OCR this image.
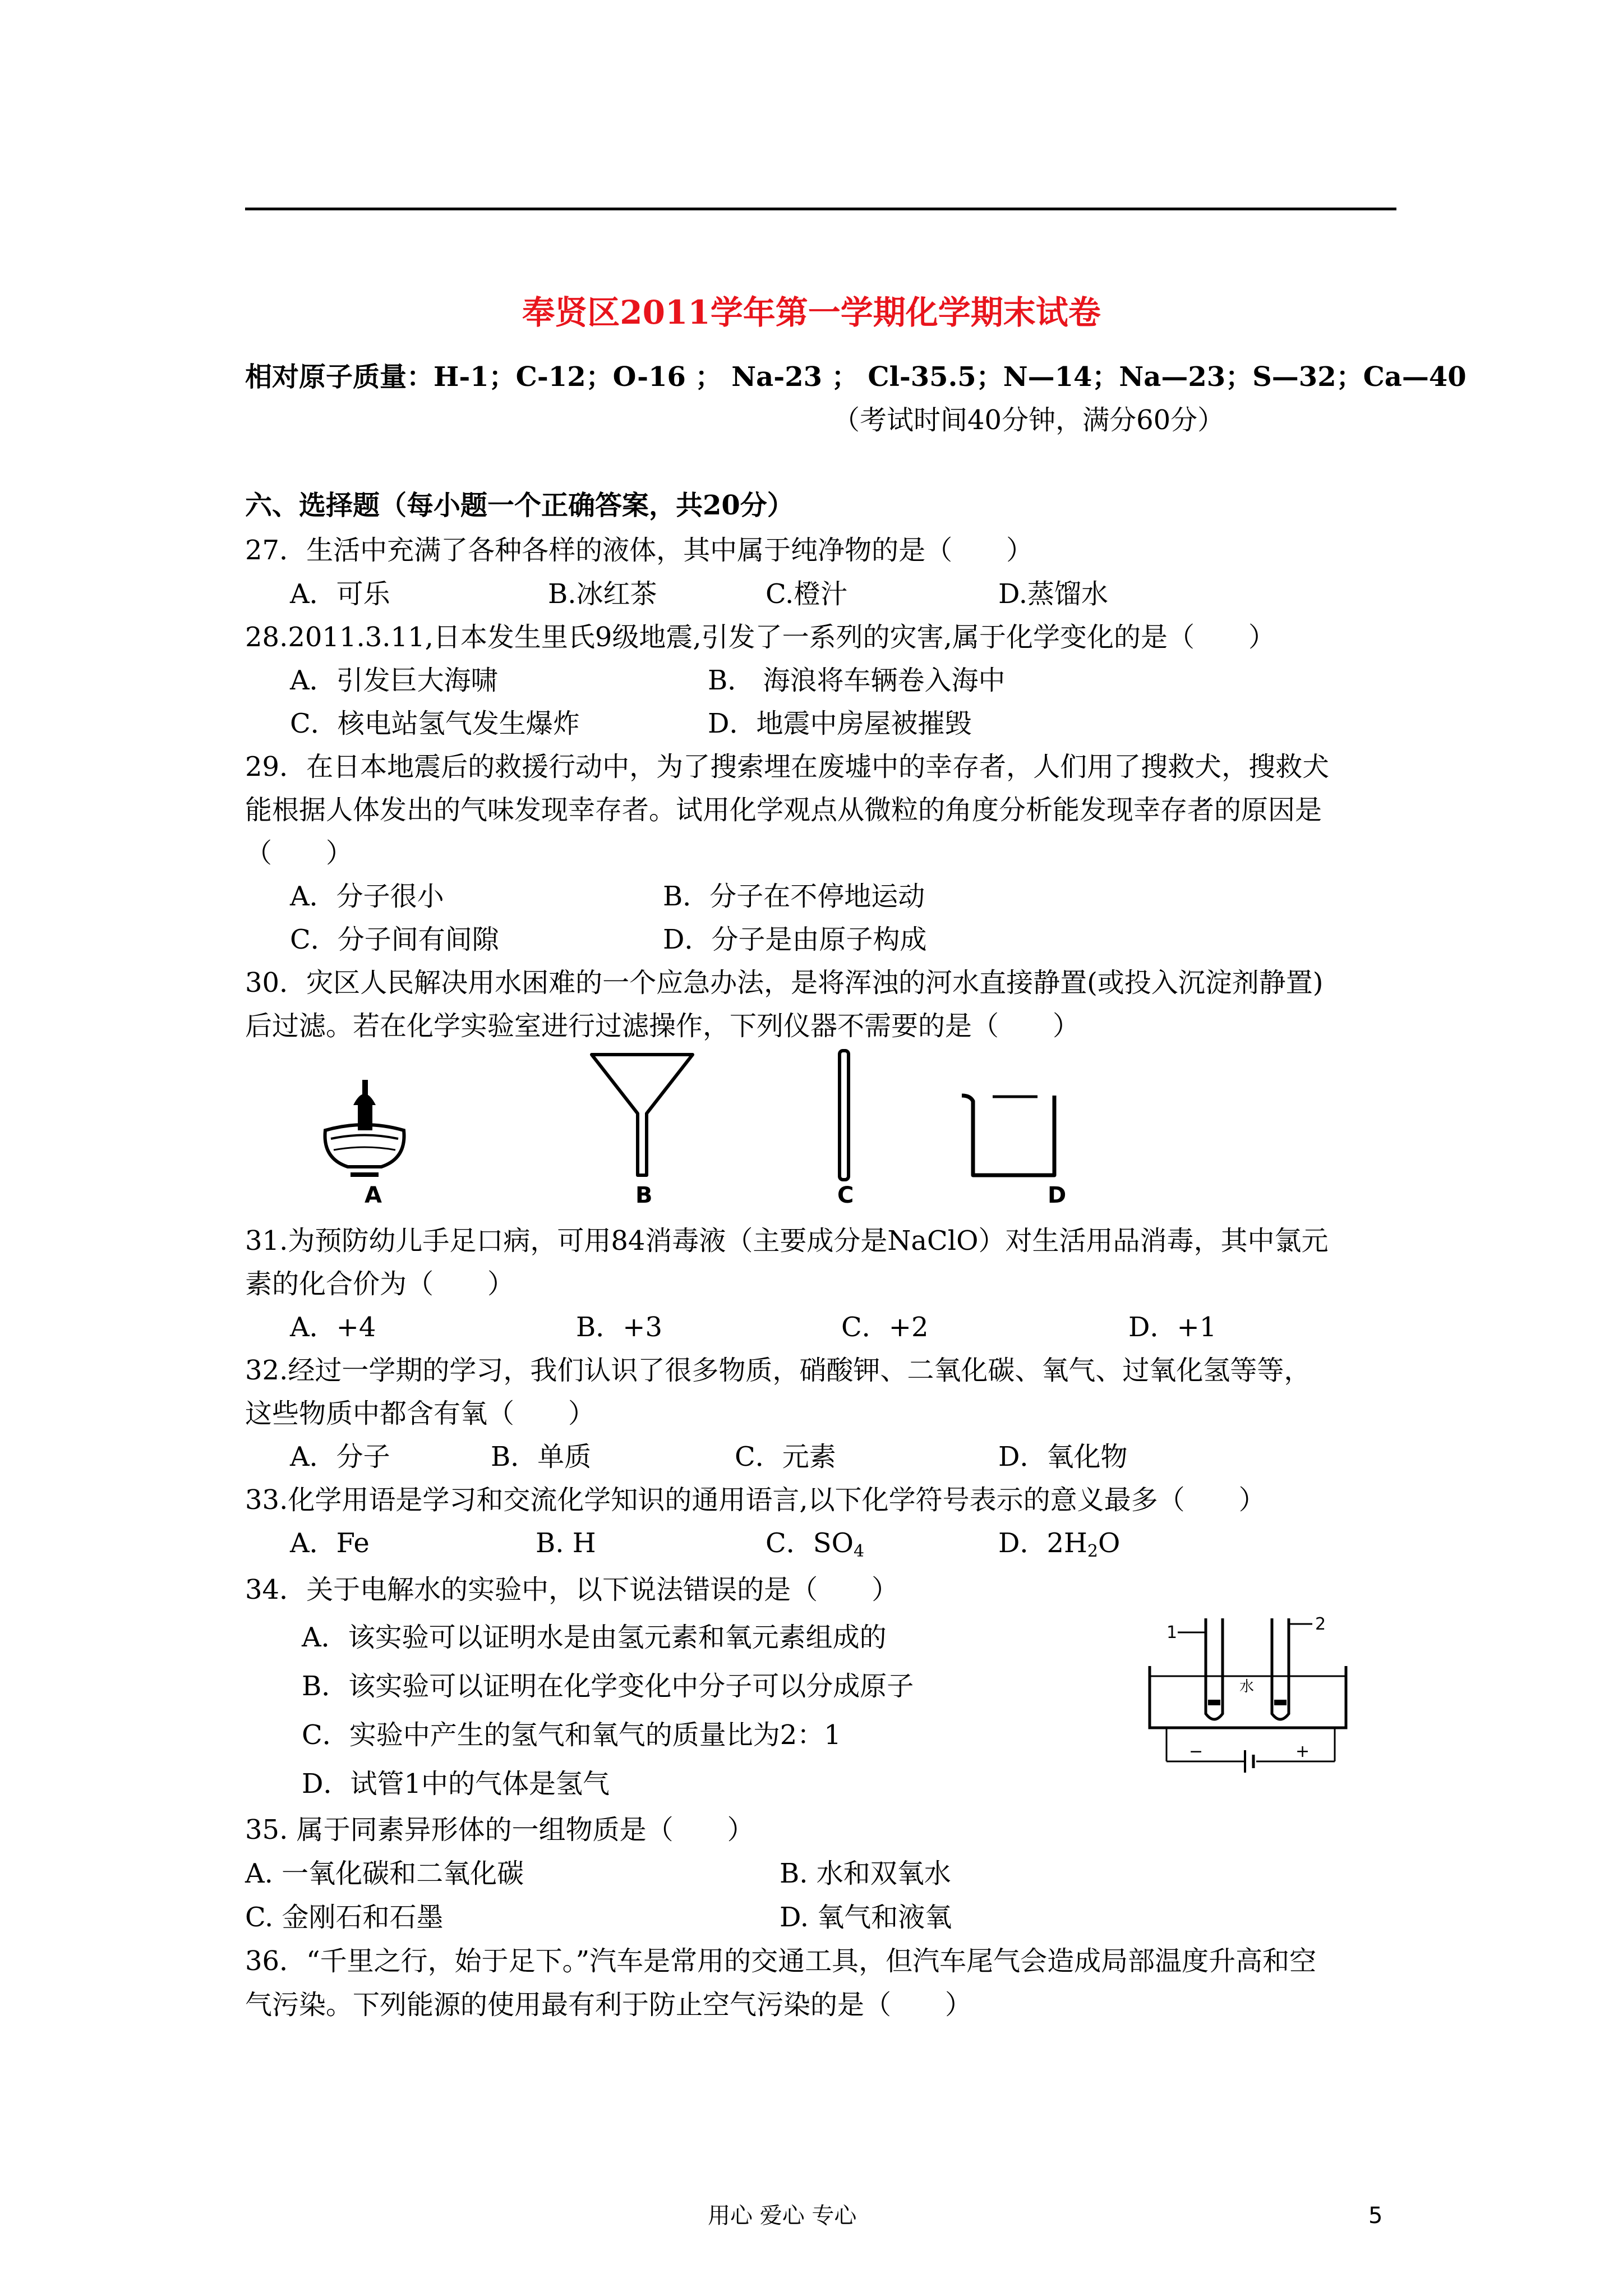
奉贤区2011学年第一学期化学期末试卷
相对原子质量：H-1；C-12；O-16 ； Na-23 ； Cl-35.5；N—14；Na—23；S—32；Ca—40
（考试时间40分钟，满分60分）
六、选择题（每小题一个正确答案，共20分）
27．生活中充满了各种各样的液体，其中属于纯净物的是（　　）
A．可乐	B.冰红茶	C.橙汁	D.蒸馏水
28.2011.3.11,日本发生里氏9级地震,引发了一系列的灾害,属于化学变化的是（　　）
A．引发巨大海啸	B． 海浪将车辆卷入海中
C．核电站氢气发生爆炸	D．地震中房屋被摧毁
29．在日本地震后的救援行动中，为了搜索埋在废墟中的幸存者，人们用了搜救犬，搜救犬
能根据人体发出的气味发现幸存者。试用化学观点从微粒的角度分析能发现幸存者的原因是
（　　）
A．分子很小	B．分子在不停地运动
C．分子间有间隙	D．分子是由原子构成
30．灾区人民解决用水困难的一个应急办法，是将浑浊的河水直接静置(或投入沉淀剂静置)
后过滤。若在化学实验室进行过滤操作，下列仪器不需要的是（　　）
A	B	C	D
31.为预防幼儿手足口病，可用84消毒液（主要成分是NaClO）对生活用品消毒，其中氯元
素的化合价为（　　）
A．+4	B．+3	C．+2	D．+1
32.经过一学期的学习，我们认识了很多物质，硝酸钾、二氧化碳、氧气、过氧化氢等等，
这些物质中都含有氧（　　）
A．分子	B．单质	C．元素	D．氧化物
33.化学用语是学习和交流化学知识的通用语言,以下化学符号表示的意义最多（　　）
A．Fe	B. H	C．$SO_4$	D．$2H_2O$
34．关于电解水的实验中，以下说法错误的是（　　）
A．该实验可以证明水是由氢元素和氧元素组成的
B．该实验可以证明在化学变化中分子可以分成原子
C．实验中产生的氢气和氧气的质量比为2：1
D．试管1中的气体是氢气
1	2
水
−	+
35. 属于同素异形体的一组物质是（　　）
A. 一氧化碳和二氧化碳	B. 水和双氧水
C. 金刚石和石墨	D. 氧气和液氧
36．“千里之行，始于足下。”汽车是常用的交通工具，但汽车尾气会造成局部温度升高和空
气污染。下列能源的使用最有利于防止空气污染的是（　　）
用心 爱心 专心	5
